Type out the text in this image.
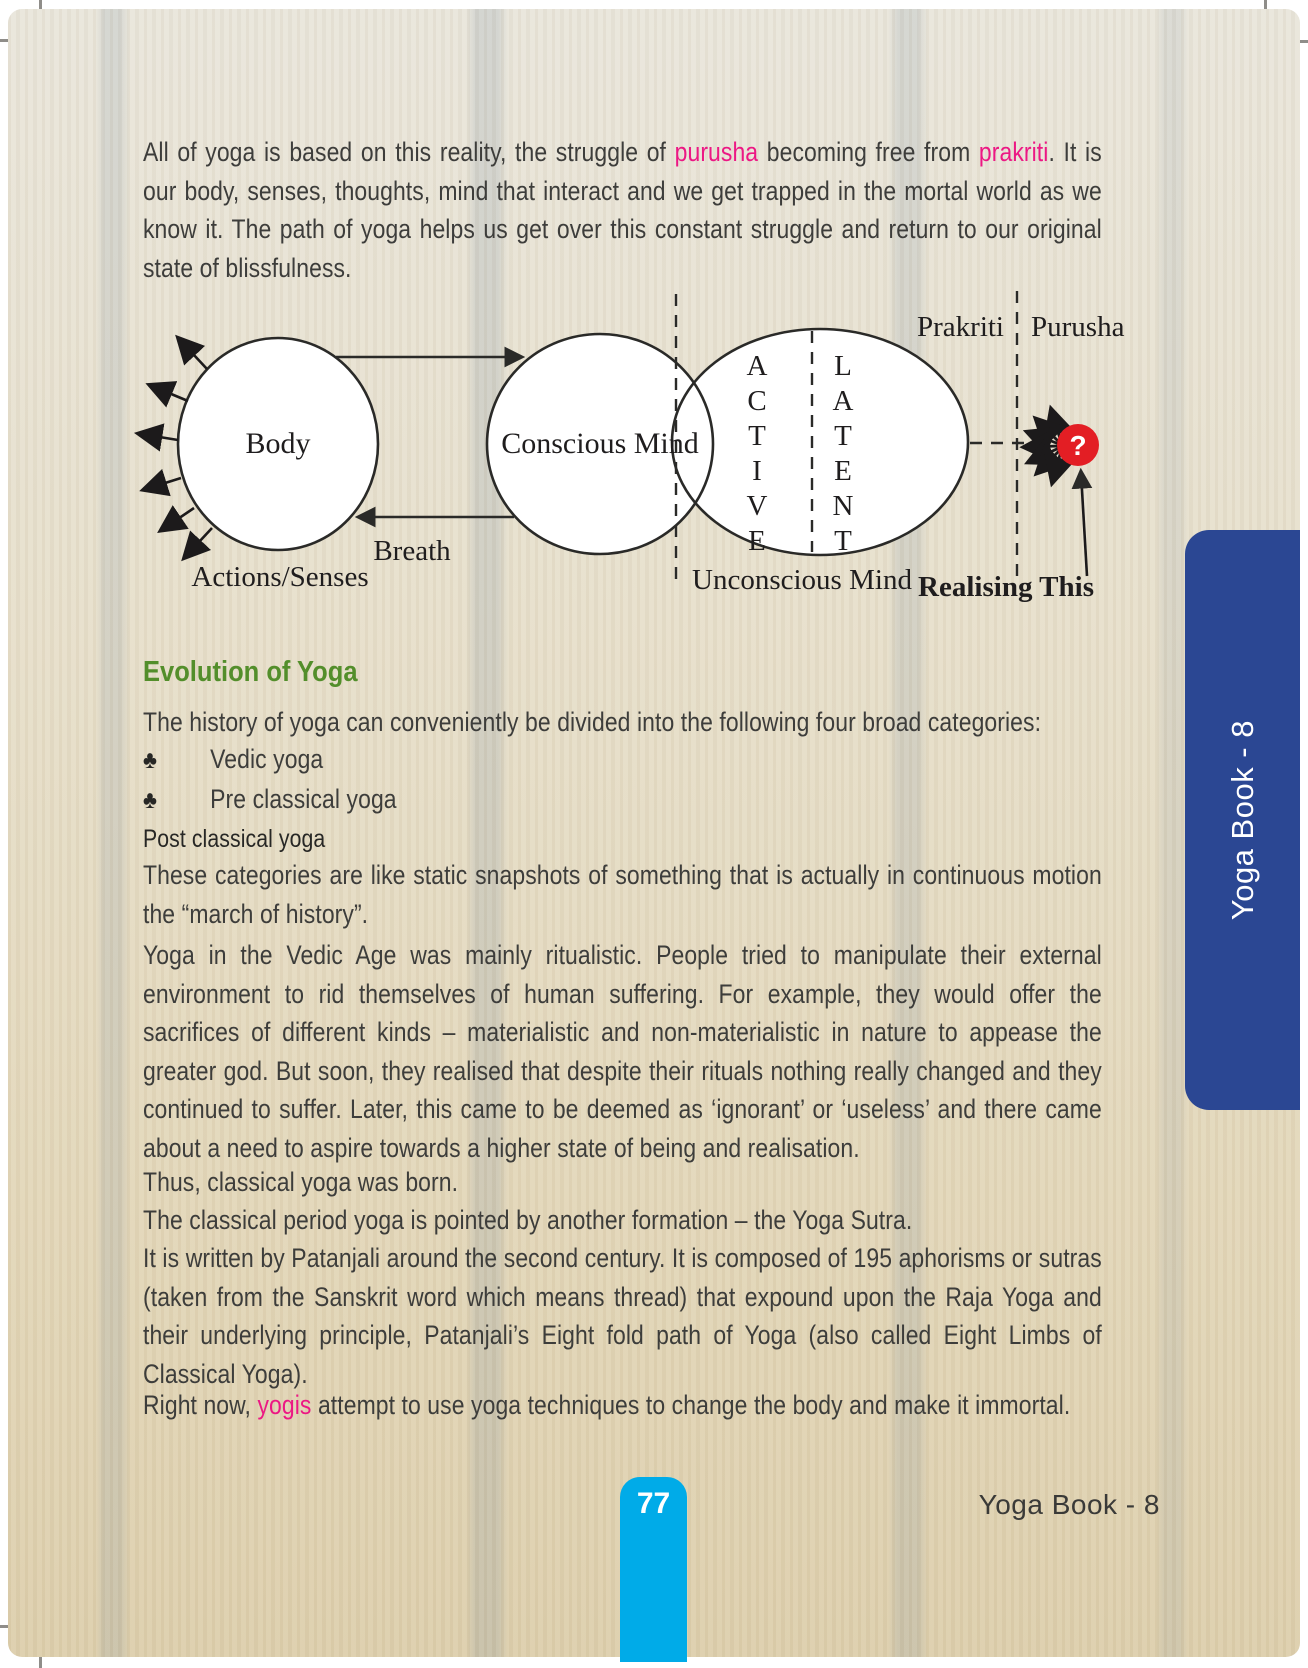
All of yoga is based on this reality, the struggle of purusha becoming free from prakriti. It is our body, senses, thoughts, mind that interact and we get trapped in the mortal world as we know it. The path of yoga helps us get over this constant struggle and return to our original state of blissfulness.
?
Body	Conscious Mind
Breath
Actions/Senses	Unconscious Mind
Prakriti Purusha
Realising This
A
C
T
I
V
E
L
A
T
E
N
T
Evolution of Yoga
The history of yoga can conveniently be divided into the following four broad categories:
♣	Vedic yoga
♣	Pre classical yoga
Post classical yoga
These categories are like static snapshots of something that is actually in continuous motion the “march of history”.
Yoga in the Vedic Age was mainly ritualistic. People tried to manipulate their external environment to rid themselves of human suffering. For example, they would offer the sacrifices of different kinds – materialistic and non-materialistic in nature to appease the greater god. But soon, they realised that despite their rituals nothing really changed and they continued to suffer. Later, this came to be deemed as ‘ignorant’ or ‘useless’ and there came about a need to aspire towards a higher state of being and realisation.
Thus, classical yoga was born.
The classical period yoga is pointed by another formation – the Yoga Sutra.
It is written by Patanjali around the second century. It is composed of 195 aphorisms or sutras (taken from the Sanskrit word which means thread) that expound upon the Raja Yoga and their underlying principle, Patanjali’s Eight fold path of Yoga (also called Eight Limbs of Classical Yoga).
Right now, yogis attempt to use yoga techniques to change the body and make it immortal.
Yoga Book - 8
77	Yoga Book - 8
